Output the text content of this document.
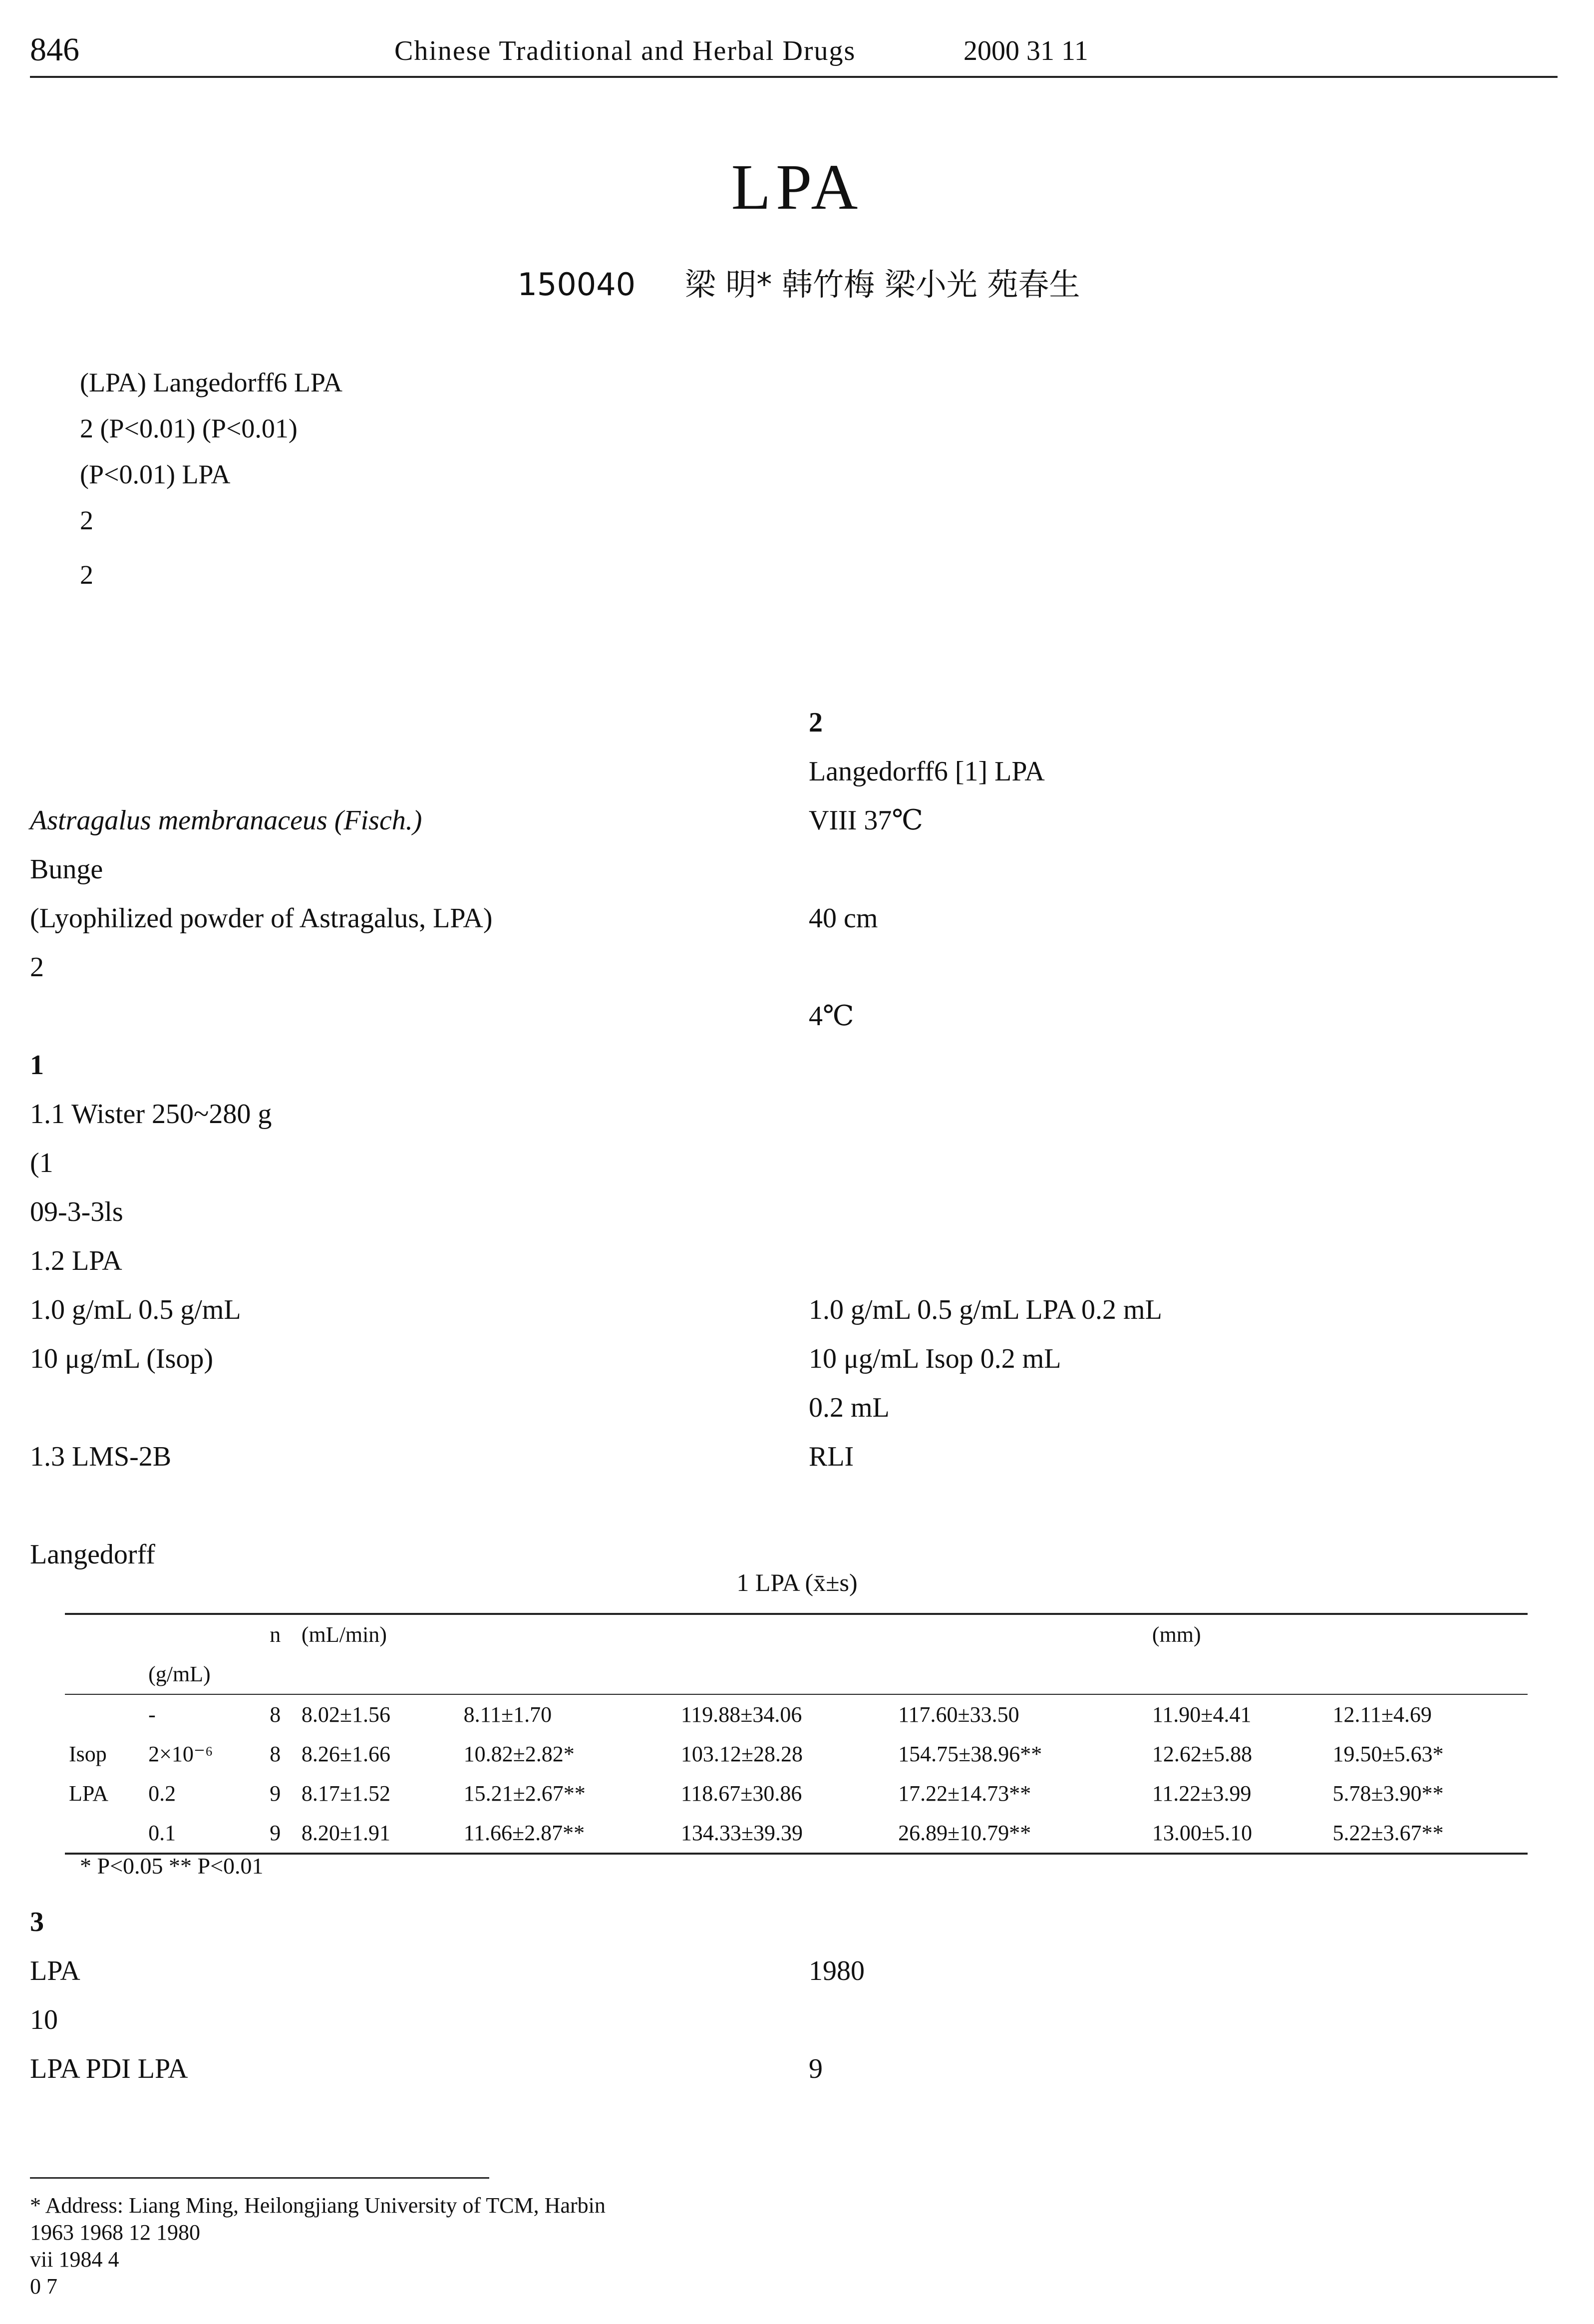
846	Chinese Traditional and Herbal Drugs	2000 31 11
LPA
150040 梁 明* 韩竹梅 梁小光 苑春生
(LPA) Langedorff6 LPA
2 (P<0.01) (P<0.01)
(P<0.01) LPA
2
2

Astragalus membranaceus (Fisch.)

Bunge

(Lyophilized powder of Astragalus, LPA)

2

1

1.1 Wister 250~280 g

(1

09-3-3ls

1.2 LPA

1.0 g/mL 0.5 g/mL

10 μg/mL (Isop)

1.3 LMS-2B

Langedorff

2

Langedorff6 [1] LPA

VIII 37℃

40 cm

4℃

1.0 g/mL 0.5 g/mL LPA 0.2 mL

10 μg/mL Isop 0.2 mL

0.2 mL

RLI

1 LPA (x̄±s)
		n	(mL/min)				(mm)	
	(g/mL)							
	-	8	8.02±1.56	8.11±1.70	119.88±34.06	117.60±33.50	11.90±4.41	12.11±4.69
Isop	2×10⁻⁶	8	8.26±1.66	10.82±2.82*	103.12±28.28	154.75±38.96**	12.62±5.88	19.50±5.63*
LPA	0.2	9	8.17±1.52	15.21±2.67**	118.67±30.86	17.22±14.73**	11.22±3.99	5.78±3.90**
	0.1	9	8.20±1.91	11.66±2.87**	134.33±39.39	26.89±10.79**	13.00±5.10	5.22±3.67**
* P<0.05 ** P<0.01

3

LPA

10

LPA PDI LPA

1980

9

* Address: Liang Ming, Heilongjiang University of TCM, Harbin
1963 1968 12 1980
vii 1984 4
0 7
